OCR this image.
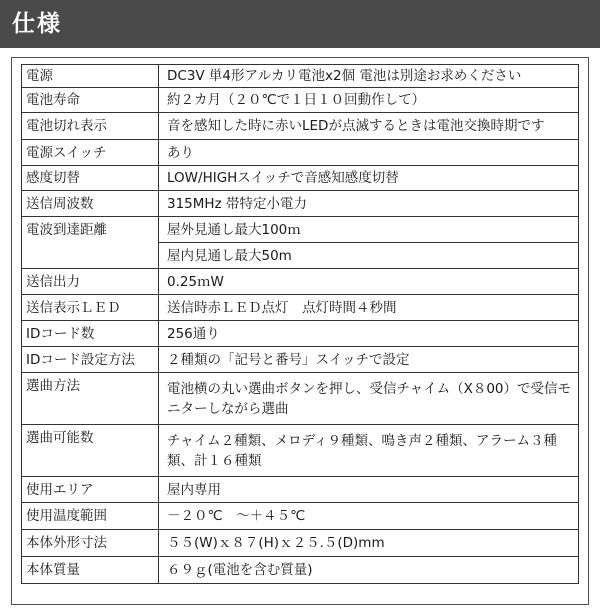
仕様
電源	DC3V 単4形アルカリ電池x2個 電池は別途お求めください
電池寿命	約２カ月（２０℃で１日１０回動作して）
電池切れ表示	音を感知した時に赤いLEDが点滅するときは電池交換時期です
電源スイッチ	あり
感度切替	LOW/HIGHスイッチで音感知感度切替
送信周波数	315MHz 帯特定小電力
電波到達距離	屋外見通し最大100ｍ
	屋内見通し最大50m
送信出力	0.25ｍW
送信表示ＬＥＤ	送信時赤ＬＥＤ点灯　点灯時間４秒間
IDコード数	256通り
IDコード設定方法	２種類の「記号と番号」スイッチで設定
選曲方法	電池横の丸い選曲ボタンを押し、受信チャイム（X８00）で受信モニターしながら選曲
選曲可能数	チャイム２種類、メロディ９種類、鳴き声２種類、アラーム３種類、計１６種類
使用エリア	屋内専用
使用温度範囲	－２０℃　～＋４５℃
本体外形寸法	５５(W)ｘ８７(H)ｘ２５.５(D)mm
本体質量	６９ｇ(電池を含む質量)
